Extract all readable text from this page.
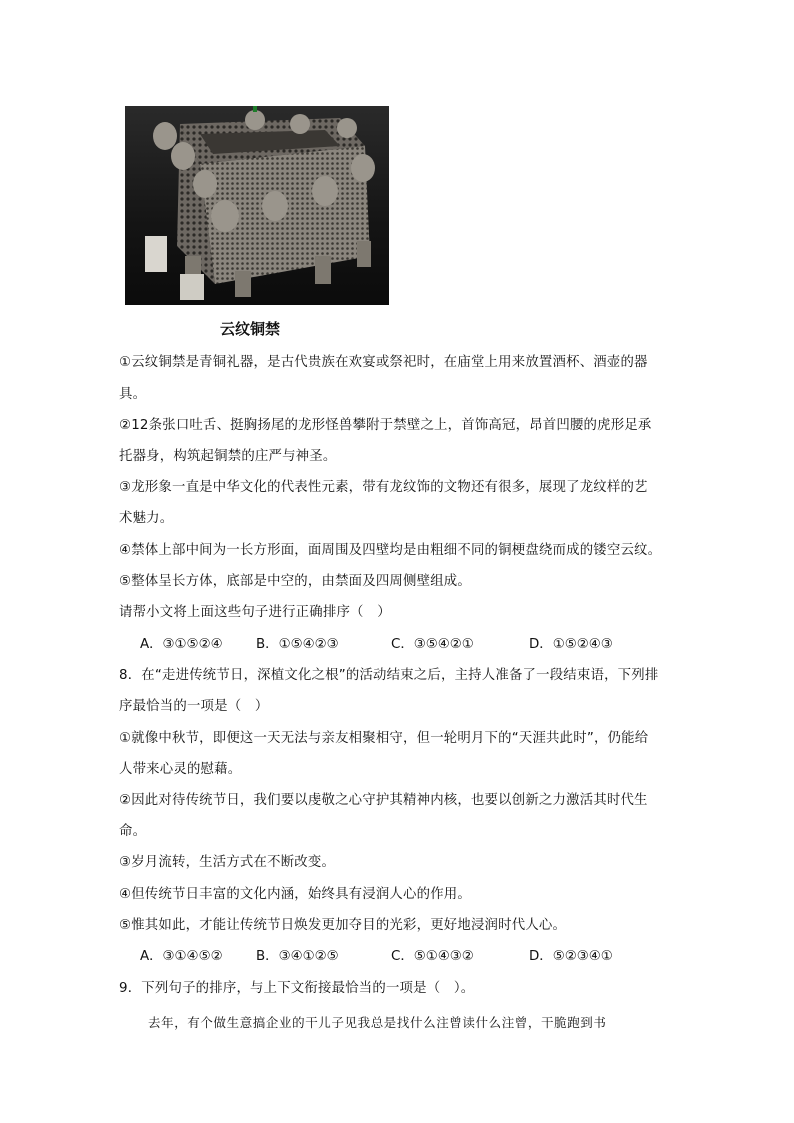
云纹铜禁
①云纹铜禁是青铜礼器，是古代贵族在欢宴或祭祀时，在庙堂上用来放置酒杯、酒壶的器
具。
②12条张口吐舌、挺胸扬尾的龙形怪兽攀附于禁壁之上，首饰高冠，昂首凹腰的虎形足承
托器身，构筑起铜禁的庄严与神圣。
③龙形象一直是中华文化的代表性元素，带有龙纹饰的文物还有很多，展现了龙纹样的艺
术魅力。
④禁体上部中间为一长方形面，面周围及四壁均是由粗细不同的铜梗盘绕而成的镂空云纹。
⑤整体呈长方体，底部是中空的，由禁面及四周侧壁组成。
请帮小文将上面这些句子进行正确排序（　）
A．③①⑤②④ B．①⑤④②③	C．③⑤④②①	D．①⑤②④③
8．在“走进传统节日，深植文化之根”的活动结束之后，主持人准备了一段结束语，下列排
序最恰当的一项是（　）
①就像中秋节，即便这一天无法与亲友相聚相守，但一轮明月下的“天涯共此时”，仍能给
人带来心灵的慰藉。
②因此对待传统节日，我们要以虔敬之心守护其精神内核，也要以创新之力激活其时代生
命。
③岁月流转，生活方式在不断改变。
④但传统节日丰富的文化内涵，始终具有浸润人心的作用。
⑤惟其如此，才能让传统节日焕发更加夺目的光彩，更好地浸润时代人心。
A．③①④⑤② B．③④①②⑤	C．⑤①④③②	D．⑤②③④①
9．下列句子的排序，与上下文衔接最恰当的一项是（　）。
去年，有个做生意搞企业的干儿子见我总是找什么注曾读什么注曾，干脆跑到书
